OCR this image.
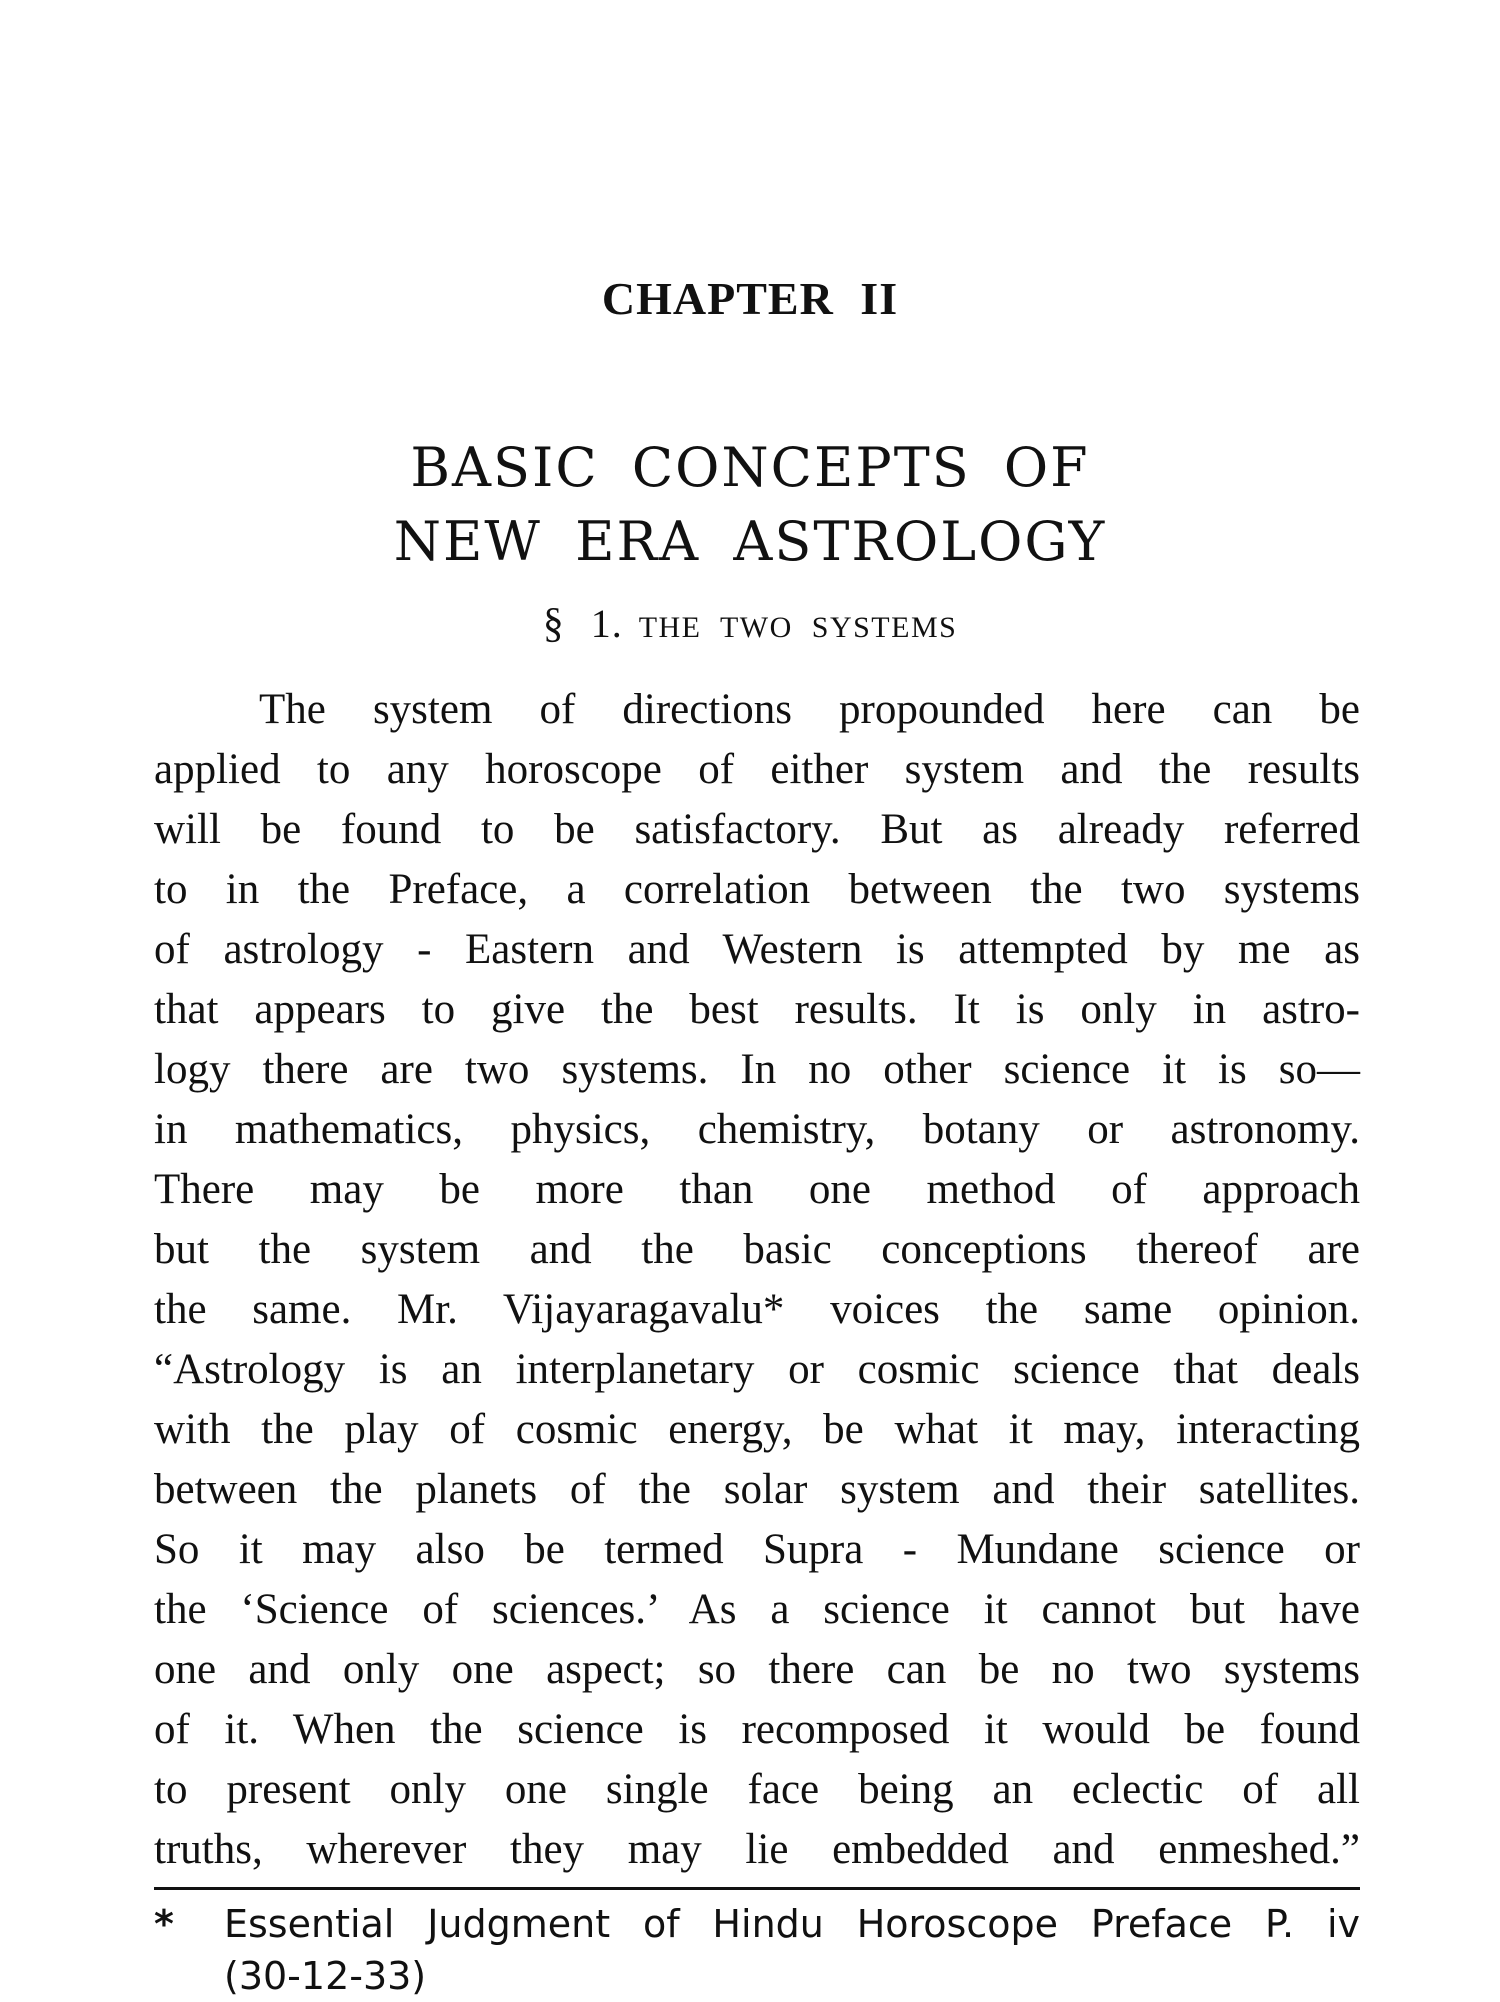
CHAPTER II
BASIC CONCEPTS OF
NEW ERA ASTROLOGY
§ 1. THE TWO SYSTEMS
The system of directions propounded here can be
applied to any horoscope of either system and the results
will be found to be satisfactory. But as already referred
to in the Preface, a correlation between the two systems
of astrology - Eastern and Western is attempted by me as
that appears to give the best results. It is only in astro-
logy there are two systems. In no other science it is so—
in mathematics, physics, chemistry, botany or astronomy.
There may be more than one method of approach
but the system and the basic conceptions thereof are
the same. Mr. Vijayaragavalu* voices the same opinion.
“Astrology is an interplanetary or cosmic science that deals
with the play of cosmic energy, be what it may, interacting
between the planets of the solar system and their satellites.
So it may also be termed Supra - Mundane science or
the ‘Science of sciences.’ As a science it cannot but have
one and only one aspect; so there can be no two systems
of it. When the science is recomposed it would be found
to present only one single face being an eclectic of all
truths, wherever they may lie embedded and enmeshed.”
*	Essential Judgment of Hindu Horoscope Preface P. iv
(30-12-33)
